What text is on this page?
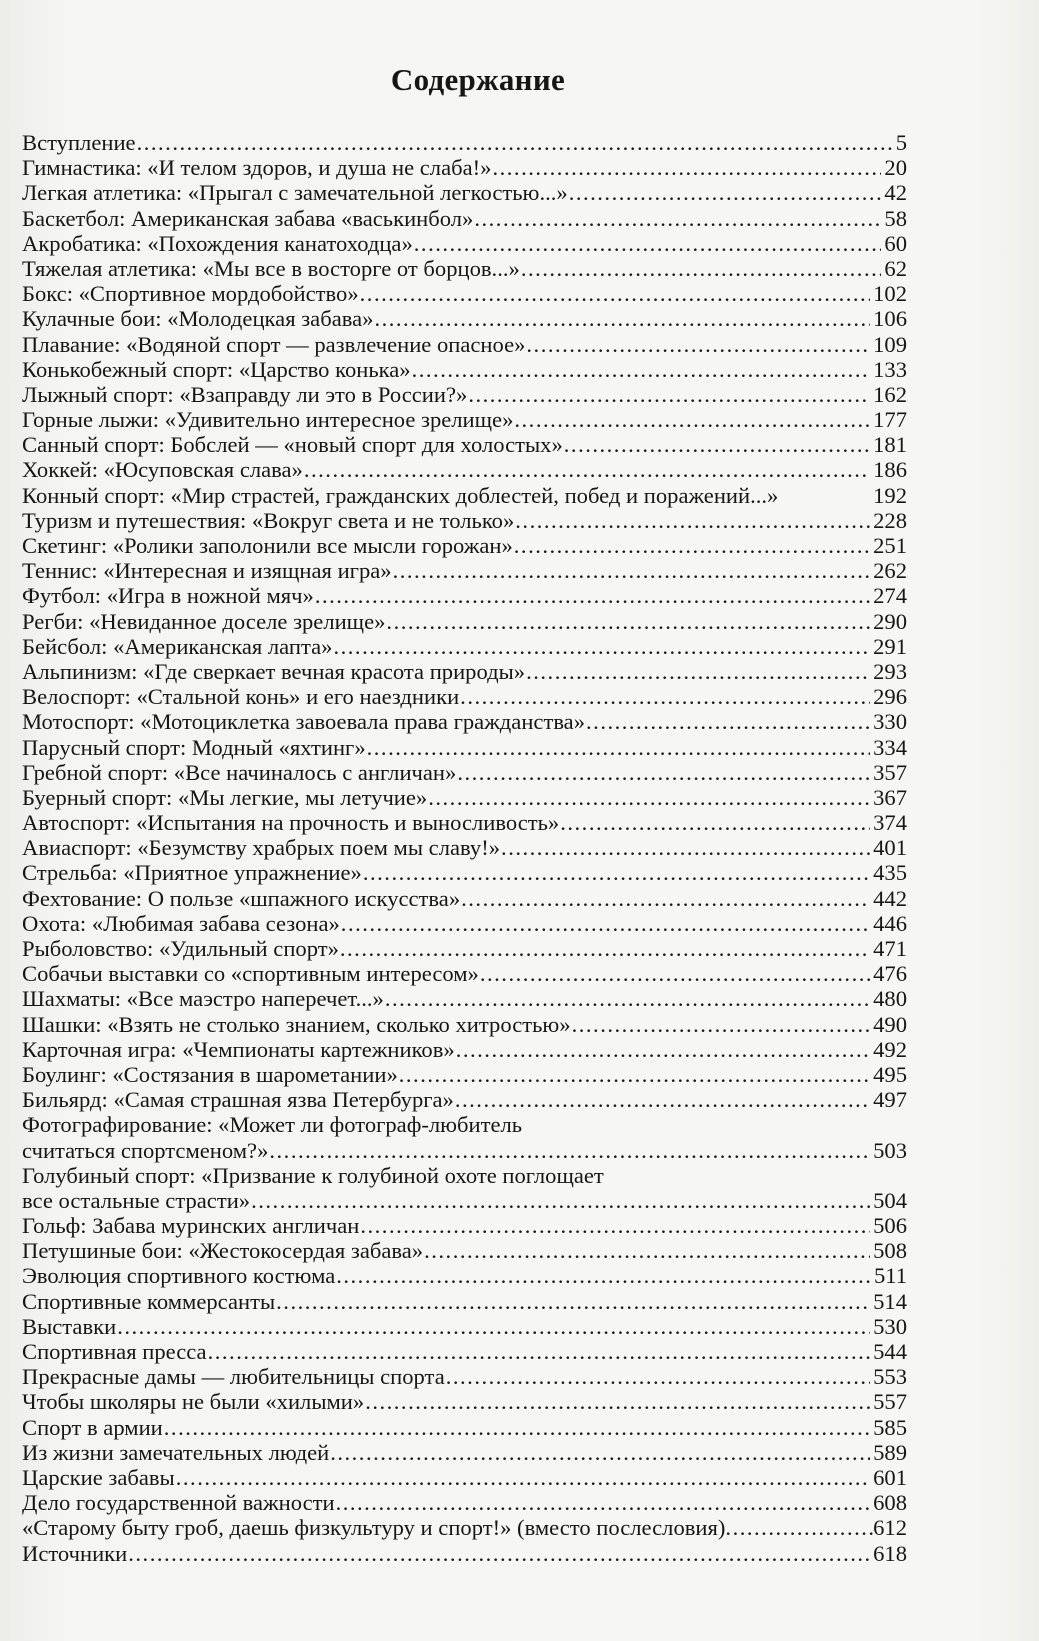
Содержание
Вступление .....	5
Гимнастика: «И телом здоров, и душа не слаба!» .....	20
Легкая атлетика: «Прыгал с замечательной легкостью...» .....	42
Баскетбол: Американская забава «васькинбол» .....	58
Акробатика: «Похождения канатоходца» .....	60
Тяжелая атлетика: «Мы все в восторге от борцов...» .....	62
Бокс: «Спортивное мордобойство» .....	102
Кулачные бои: «Молодецкая забава» .....	106
Плавание: «Водяной спорт — развлечение опасное» .....	109
Конькобежный спорт: «Царство конька» .....	133
Лыжный спорт: «Взаправду ли это в России?» .....	162
Горные лыжи: «Удивительно интересное зрелище» .....	177
Санный спорт: Бобслей — «новый спорт для холостых» .....	181
Хоккей: «Юсуповская слава» .....	186
Конный спорт: «Мир страстей, гражданских доблестей, побед и поражений...»	192
Туризм и путешествия: «Вокруг света и не только» .....	228
Скетинг: «Ролики заполонили все мысли горожан» .....	251
Теннис: «Интересная и изящная игра» .....	262
Футбол: «Игра в ножной мяч» .....	274
Регби: «Невиданное доселе зрелище» .....	290
Бейсбол: «Американская лапта» .....	291
Альпинизм: «Где сверкает вечная красота природы» .....	293
Велоспорт: «Стальной конь» и его наездники .....	296
Мотоспорт: «Мотоциклетка завоевала права гражданства» .....	330
Парусный спорт: Модный «яхтинг» .....	334
Гребной спорт: «Все начиналось с англичан» .....	357
Буерный спорт: «Мы легкие, мы летучие» .....	367
Автоспорт: «Испытания на прочность и выносливость» .....	374
Авиаспорт: «Безумству храбрых поем мы славу!» .....	401
Стрельба: «Приятное упражнение» .....	435
Фехтование: О пользе «шпажного искусства» .....	442
Охота: «Любимая забава сезона» .....	446
Рыболовство: «Удильный спорт» .....	471
Собачьи выставки со «спортивным интересом» .....	476
Шахматы: «Все маэстро наперечет...» .....	480
Шашки: «Взять не столько знанием, сколько хитростью» .....	490
Карточная игра: «Чемпионаты картежников» .....	492
Боулинг: «Состязания в шарометании» .....	495
Бильярд: «Самая страшная язва Петербурга» .....	497
Фотографирование: «Может ли фотограф-любитель
считаться спортсменом?» .....	503
Голубиный спорт: «Призвание к голубиной охоте поглощает
все остальные страсти» .....	504
Гольф: Забава муринских англичан .....	506
Петушиные бои: «Жестокосердая забава» .....	508
Эволюция спортивного костюма .....	511
Спортивные коммерсанты .....	514
Выставки .....	530
Спортивная пресса .....	544
Прекрасные дамы — любительницы спорта .....	553
Чтобы школяры не были «хилыми» .....	557
Спорт в армии .....	585
Из жизни замечательных людей .....	589
Царские забавы .....	601
Дело государственной важности .....	608
«Старому быту гроб, даешь физкультуру и спорт!» (вместо послесловия) .....	612
Источники .....	618
